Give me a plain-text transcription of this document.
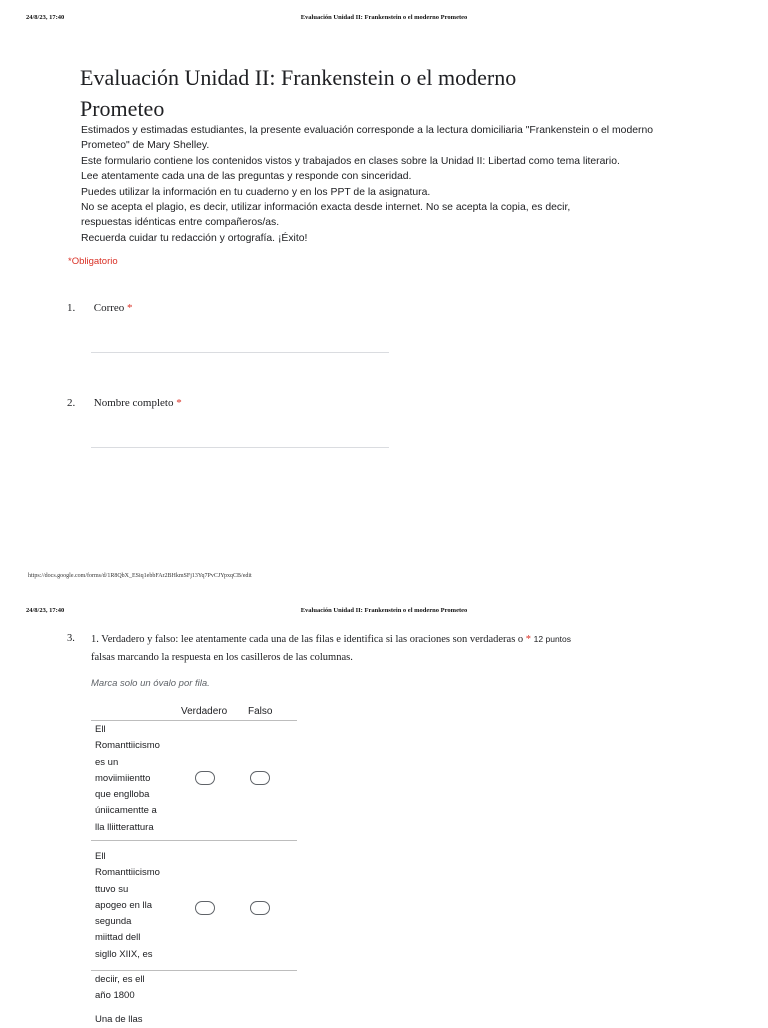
24/8/23, 17:40	Evaluación Unidad II: Frankenstein o el moderno Prometeo
Evaluación Unidad II: Frankenstein o el moderno Prometeo
Estimados y estimadas estudiantes, la presente evaluación corresponde a la lectura domiciliaria "Frankenstein o el moderno
Prometeo" de Mary Shelley.
Este formulario contiene los contenidos vistos y trabajados en clases sobre la Unidad II: Libertad como tema literario.
Lee atentamente cada una de las preguntas y responde con sinceridad.
Puedes utilizar la información en tu cuaderno y en los PPT de la asignatura.
No se acepta el plagio, es decir, utilizar información exacta desde internet. No se acepta la copia, es decir,
respuestas idénticas entre compañeros/as.
Recuerda cuidar tu redacción y ortografía. ¡Éxito!
*Obligatorio
1. Correo *
2. Nombre completo *
https://docs.google.com/forms/d/1R8QbX_ESiq1ebbFAr2BHkmSFj13Yq7PvCJYpxqCB/edit
24/8/23, 17:40	Evaluación Unidad II: Frankenstein o el moderno Prometeo
3. 1. Verdadero y falso: lee atentamente cada una de las filas e identifica si las oraciones son verdaderas o * 12 puntos
falsas marcando la respuesta en los casilleros de las columnas.
Marca solo un óvalo por fila.
Verdadero Falso
Ell
Romanttiicismo
es un
moviimiientto
que englloba
úniicamentte a
lla lliitterattura
Ell
Romanttiicismo
ttuvo su
apogeo en lla
segunda
miittad dell
sigllo XIIX, es
deciir, es ell
año 1800
Una de llas
